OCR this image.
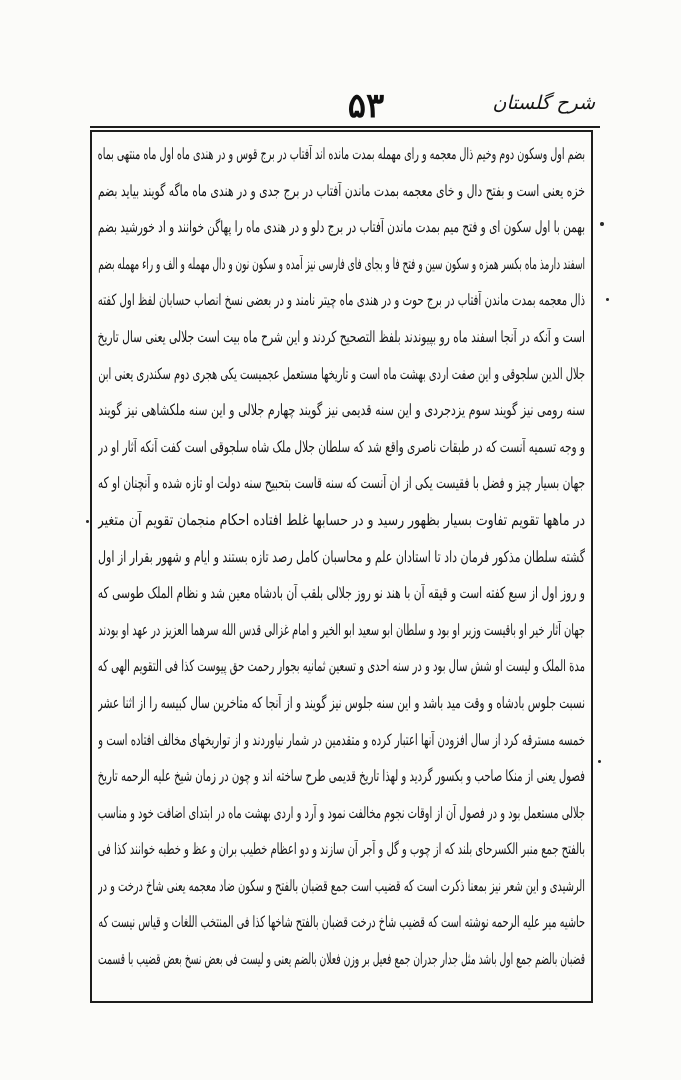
۵۳	شرح گلستان
بضم اول وسکون دوم وخیم ذال معجمه و رای مهمله بمدت مانده اند آفتاب در برج قوس و در هندی ماه اول ماه منتهی بماه
خزه یعنی است و بفتح دال و خای معجمه بمدت ماندن آفتاب در برج جدی و در هندی ماه ماگه گویند بیاید بضم
بهمن با اول سکون ای و فتح میم بمدت ماندن آفتاب در برج دلو و در هندی ماه را پهاگن خوانند و اد خورشید بضم
اسفند دارمذ ماه بکسر همزه و سکون سین و فتح فا و بجای فای فارسی نیز آمده و سکون نون و دال مهمله و الف و راء مهمله بضم
ذال معجمه بمدت ماندن آفتاب در برج حوت و در هندی ماه چیتر نامند و در بعضی نسخ انصاب حسابان لفظ اول کفته
است و آنکه در آنجا اسفند ماه رو بپیوندند بلفظ التصحیح کردند و این شرح ماه بیت است جلالی یعنی سال تاریخ
جلال الدین سلجوقی و این صفت اردی بهشت ماه است و تاریخها مستعمل عجمیست یکی هجری دوم سکندری یعنی ابن
سنه رومی نیز گویند سوم یزدجردی و این سنه قدیمی نیز گویند چهارم جلالی و این سنه ملکشاهی نیز گویند
و وجه تسمیه آنست که در طبقات ناصری واقع شد که سلطان جلال ملک شاه سلجوقی است کفت آنکه آثار او در
جهان بسیار چیز و فضل با فقیست یکی از ان آنست که سنه قاست بتحبیح سنه دولت او تازه شده و آنچنان او که
در ماهها تقویم تفاوت بسیار بظهور رسید و در حسابها غلط افتاده احکام منجمان تقویم آن متغیر
گشته سلطان مذکور فرمان داد تا استادان علم و محاسبان کامل رصد تازه بستند و ایام و شهور بقرار از اول
و روز اول از سبع کفته است و قیقه آن با هند نو روز جلالی بلقب آن بادشاه معین شد و نظام الملک طوسی که
جهان آثار خیر او باقیست وزیر او بود و سلطان ابو سعید ابو الخیر و امام غزالی قدس الله سرهما العزیز در عهد او بودند
مدة الملک و لیست او شش سال بود و در سنه احدی و تسعین ثمانیه بجوار رحمت حق پیوست کذا فی التقویم الهی که
نسبت جلوس بادشاه و وقت مید باشد و این سنه جلوس نیز گویند و از آنجا که متاخرین سال کبیسه را از اثنا عشر
خمسه مسترقه کرد از سال افزودن آنها اعتبار کرده و متقدمین در شمار نیاوردند و از تواریخهای مخالف افتاده است و
فصول یعنی از منکا صاحب و بکسور گردید و لهذا تاریخ قدیمی طرح ساخته اند و چون در زمان شیخ علیه الرحمه تاریخ
جلالی مستعمل بود و در فصول آن از اوقات نجوم مخالفت نمود و آرد و اردی بهشت ماه در ابتدای اضافت خود و مناسب
بالفتح جمع منبر الکسرحای بلند که از چوب و گل و آجر آن سازند و دو اعظام خطیب بران و عظ و خطبه خوانند کذا فی
الرشیدی و این شعر نیز بمعنا ذکرت است که قضیب است جمع قضبان بالفتح و سکون ضاد معجمه یعنی شاخ درخت و در
حاشیه میر علیه الرحمه نوشته است که قضیب شاخ درخت قضبان بالفتح شاخها کذا فی المنتخب اللغات و قیاس نیست که
قضبان بالضم جمع اول باشد مثل جدار جدران جمع فعیل بر وزن فعلان بالضم یعنی و لیست فی بعض نسخ بعض قضیب با قسمت
